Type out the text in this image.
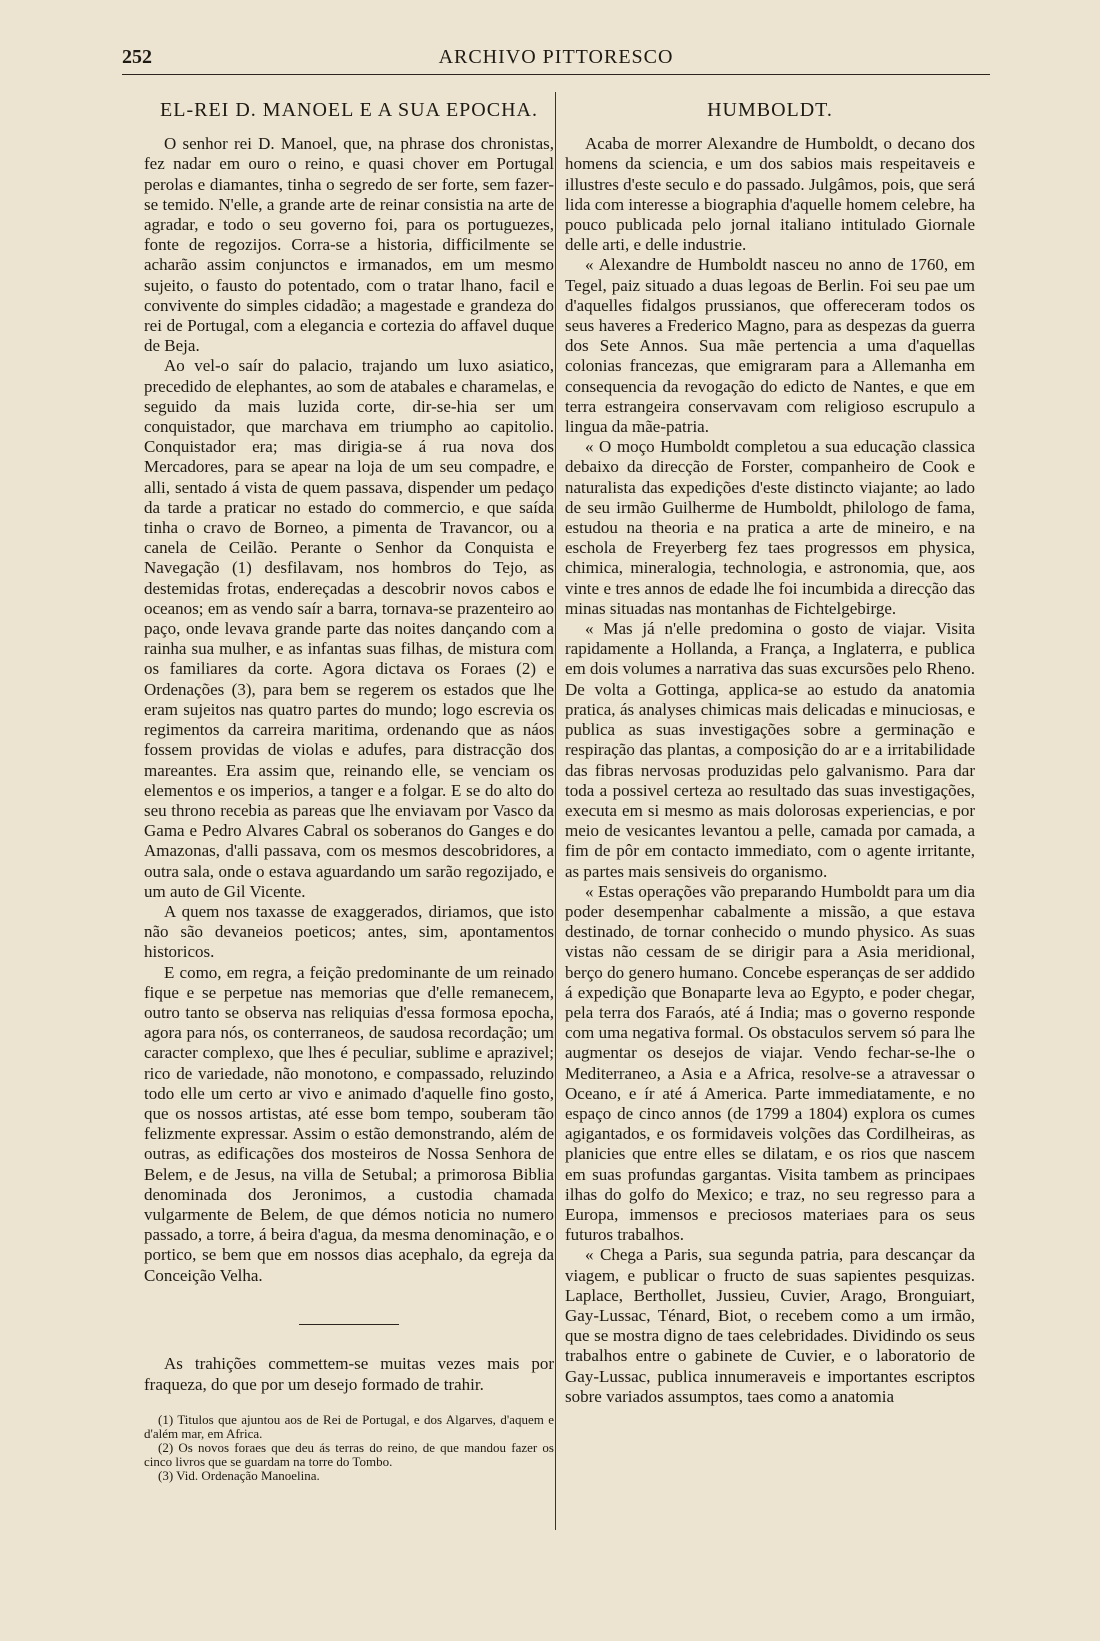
252	ARCHIVO PITTORESCO
EL-REI D. MANOEL E A SUA EPOCHA.

O senhor rei D. Manoel, que, na phrase dos chronistas, fez nadar em ouro o reino, e quasi chover em Portugal perolas e diamantes, tinha o segredo de ser forte, sem fazer-se temido. N'elle, a grande arte de reinar consistia na arte de agradar, e todo o seu governo foi, para os portuguezes, fonte de regozijos. Corra-se a historia, difficilmente se acharão assim conjunctos e irmanados, em um mesmo sujeito, o fausto do potentado, com o tratar lhano, facil e convivente do simples cidadão; a magestade e grandeza do rei de Portugal, com a elegancia e cortezia do affavel duque de Beja.

Ao vel-o saír do palacio, trajando um luxo asiatico, precedido de elephantes, ao som de atabales e charamelas, e seguido da mais luzida corte, dir-se-hia ser um conquistador, que marchava em triumpho ao capitolio. Conquistador era; mas dirigia-se á rua nova dos Mercadores, para se apear na loja de um seu compadre, e alli, sentado á vista de quem passava, dispender um pedaço da tarde a praticar no estado do commercio, e que saída tinha o cravo de Borneo, a pimenta de Travancor, ou a canela de Ceilão. Perante o Senhor da Conquista e Navegação (1) desfilavam, nos hombros do Tejo, as destemidas frotas, endereçadas a descobrir novos cabos e oceanos; em as vendo saír a barra, tornava-se prazenteiro ao paço, onde levava grande parte das noites dançando com a rainha sua mulher, e as infantas suas filhas, de mistura com os familiares da corte. Agora dictava os Foraes (2) e Ordenações (3), para bem se regerem os estados que lhe eram sujeitos nas quatro partes do mundo; logo escrevia os regimentos da carreira maritima, ordenando que as náos fossem providas de violas e adufes, para distracção dos mareantes. Era assim que, reinando elle, se venciam os elementos e os imperios, a tanger e a folgar. E se do alto do seu throno recebia as pareas que lhe enviavam por Vasco da Gama e Pedro Alvares Cabral os soberanos do Ganges e do Amazonas, d'alli passava, com os mesmos descobridores, a outra sala, onde o estava aguardando um sarão regozijado, e um auto de Gil Vicente.

A quem nos taxasse de exaggerados, diriamos, que isto não são devaneios poeticos; antes, sim, apontamentos historicos.

E como, em regra, a feição predominante de um reinado fique e se perpetue nas memorias que d'elle remanecem, outro tanto se observa nas reliquias d'essa formosa epocha, agora para nós, os conterraneos, de saudosa recordação; um caracter complexo, que lhes é peculiar, sublime e aprazivel; rico de variedade, não monotono, e compassado, reluzindo todo elle um certo ar vivo e animado d'aquelle fino gosto, que os nossos artistas, até esse bom tempo, souberam tão felizmente expressar. Assim o estão demonstrando, além de outras, as edificações dos mosteiros de Nossa Senhora de Belem, e de Jesus, na villa de Setubal; a primorosa Biblia denominada dos Jeronimos, a custodia chamada vulgarmente de Belem, de que démos noticia no numero passado, a torre, á beira d'agua, da mesma denominação, e o portico, se bem que em nossos dias acephalo, da egreja da Conceição Velha.

As trahições commettem-se muitas vezes mais por fraqueza, do que por um desejo formado de trahir.

(1) Titulos que ajuntou aos de Rei de Portugal, e dos Algarves, d'aquem e d'além mar, em Africa.

(2) Os novos foraes que deu ás terras do reino, de que mandou fazer os cinco livros que se guardam na torre do Tombo.

(3) Vid. Ordenação Manoelina.

HUMBOLDT.

Acaba de morrer Alexandre de Humboldt, o decano dos homens da sciencia, e um dos sabios mais respeitaveis e illustres d'este seculo e do passado. Julgâmos, pois, que será lida com interesse a biographia d'aquelle homem celebre, ha pouco publicada pelo jornal italiano intitulado Giornale delle arti, e delle industrie.

« Alexandre de Humboldt nasceu no anno de 1760, em Tegel, paiz situado a duas legoas de Berlin. Foi seu pae um d'aquelles fidalgos prussianos, que offereceram todos os seus haveres a Frederico Magno, para as despezas da guerra dos Sete Annos. Sua mãe pertencia a uma d'aquellas colonias francezas, que emigraram para a Allemanha em consequencia da revogação do edicto de Nantes, e que em terra estrangeira conservavam com religioso escrupulo a lingua da mãe-patria.

« O moço Humboldt completou a sua educação classica debaixo da direcção de Forster, companheiro de Cook e naturalista das expedições d'este distincto viajante; ao lado de seu irmão Guilherme de Humboldt, philologo de fama, estudou na theoria e na pratica a arte de mineiro, e na eschola de Freyerberg fez taes progressos em physica, chimica, mineralogia, technologia, e astronomia, que, aos vinte e tres annos de edade lhe foi incumbida a direcção das minas situadas nas montanhas de Fichtelgebirge.

« Mas já n'elle predomina o gosto de viajar. Visita rapidamente a Hollanda, a França, a Inglaterra, e publica em dois volumes a narrativa das suas excursões pelo Rheno. De volta a Gottinga, applica-se ao estudo da anatomia pratica, ás analyses chimicas mais delicadas e minuciosas, e publica as suas investigações sobre a germinação e respiração das plantas, a composição do ar e a irritabilidade das fibras nervosas produzidas pelo galvanismo. Para dar toda a possivel certeza ao resultado das suas investigações, executa em si mesmo as mais dolorosas experiencias, e por meio de vesicantes levantou a pelle, camada por camada, a fim de pôr em contacto immediato, com o agente irritante, as partes mais sensiveis do organismo.

« Estas operações vão preparando Humboldt para um dia poder desempenhar cabalmente a missão, a que estava destinado, de tornar conhecido o mundo physico. As suas vistas não cessam de se dirigir para a Asia meridional, berço do genero humano. Concebe esperanças de ser addido á expedição que Bonaparte leva ao Egypto, e poder chegar, pela terra dos Faraós, até á India; mas o governo responde com uma negativa formal. Os obstaculos servem só para lhe augmentar os desejos de viajar. Vendo fechar-se-lhe o Mediterraneo, a Asia e a Africa, resolve-se a atravessar o Oceano, e ír até á America. Parte immediatamente, e no espaço de cinco annos (de 1799 a 1804) explora os cumes agigantados, e os formidaveis volções das Cordilheiras, as planicies que entre elles se dilatam, e os rios que nascem em suas profundas gargantas. Visita tambem as principaes ilhas do golfo do Mexico; e traz, no seu regresso para a Europa, immensos e preciosos materiaes para os seus futuros trabalhos.

« Chega a Paris, sua segunda patria, para descançar da viagem, e publicar o fructo de suas sapientes pesquizas. Laplace, Berthollet, Jussieu, Cuvier, Arago, Bronguiart, Gay-Lussac, Ténard, Biot, o recebem como a um irmão, que se mostra digno de taes celebridades. Dividindo os seus trabalhos entre o gabinete de Cuvier, e o laboratorio de Gay-Lussac, publica innumeraveis e importantes escriptos sobre variados assumptos, taes como a anatomia
